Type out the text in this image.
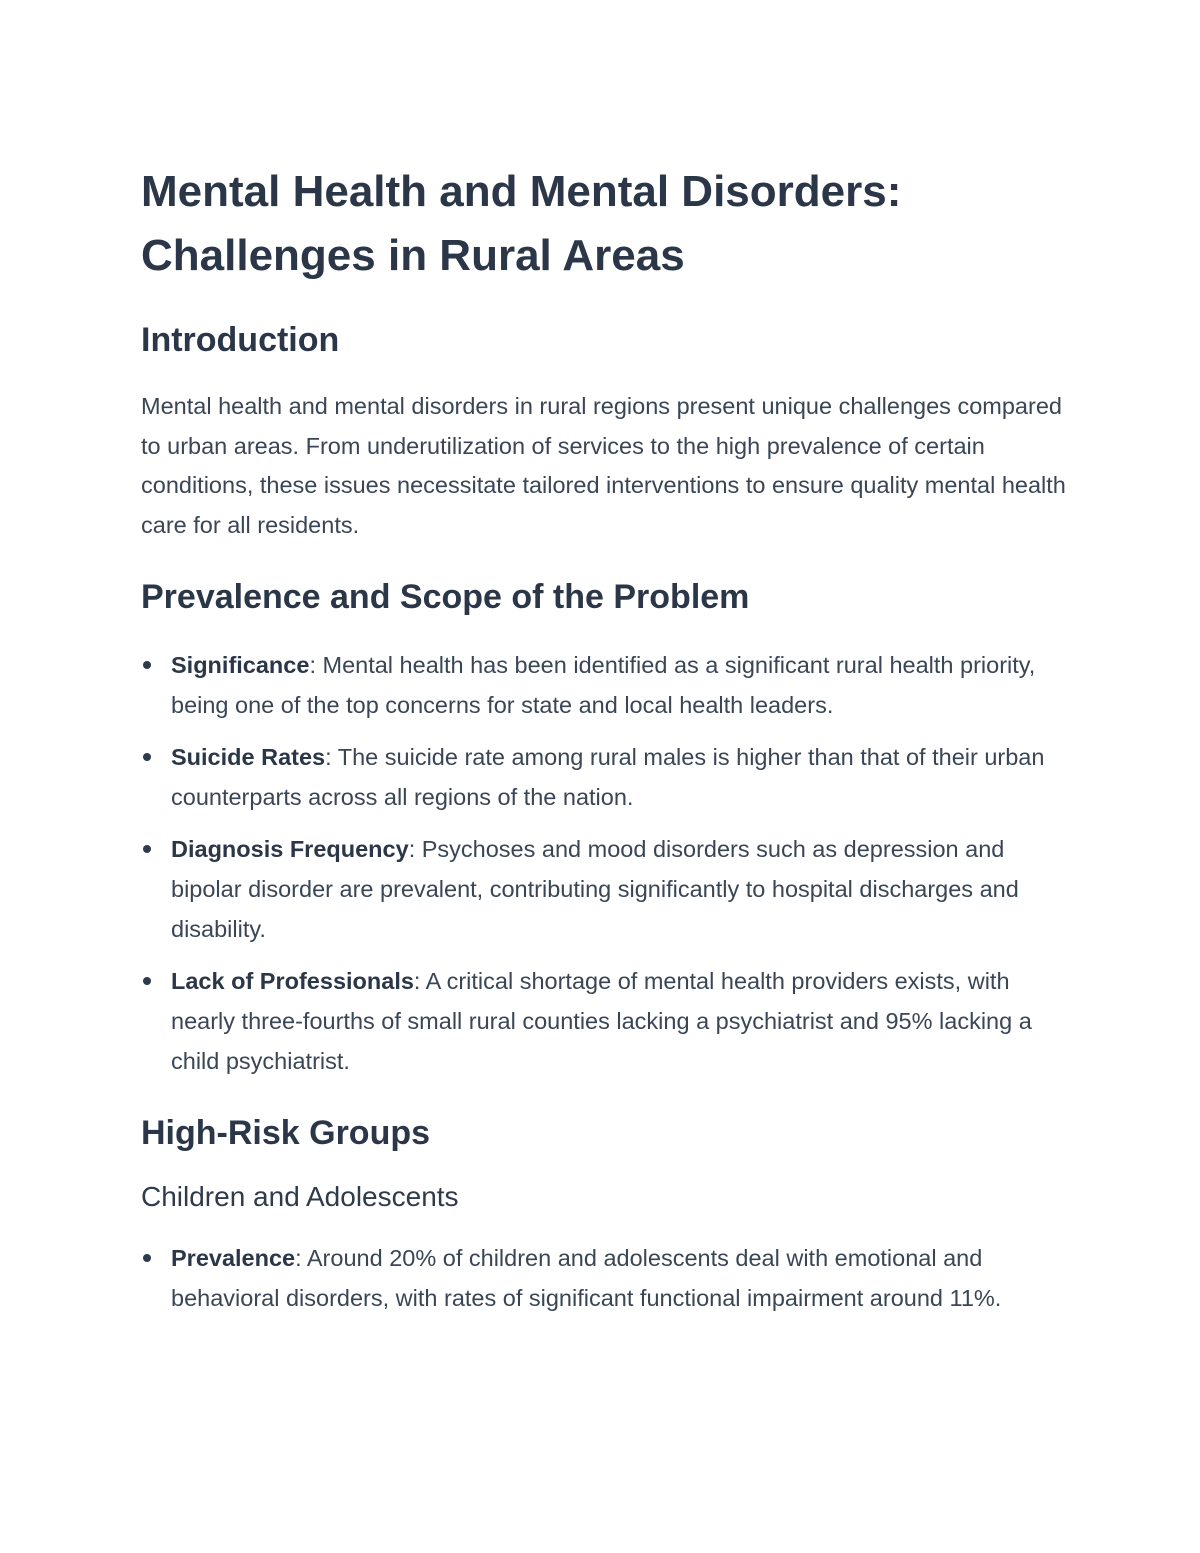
Mental Health and Mental Disorders: Challenges in Rural Areas
Introduction

Mental health and mental disorders in rural regions present unique challenges compared to urban areas. From underutilization of services to the high prevalence of certain conditions, these issues necessitate tailored interventions to ensure quality mental health care for all residents.

Prevalence and Scope of the Problem
Significance: Mental health has been identified as a significant rural health priority, being one of the top concerns for state and local health leaders.
Suicide Rates: The suicide rate among rural males is higher than that of their urban counterparts across all regions of the nation.
Diagnosis Frequency: Psychoses and mood disorders such as depression and bipolar disorder are prevalent, contributing significantly to hospital discharges and disability.
Lack of Professionals: A critical shortage of mental health providers exists, with nearly three-fourths of small rural counties lacking a psychiatrist and 95% lacking a child psychiatrist.
High-Risk Groups
Children and Adolescents
Prevalence: Around 20% of children and adolescents deal with emotional and behavioral disorders, with rates of significant functional impairment around 11%.
